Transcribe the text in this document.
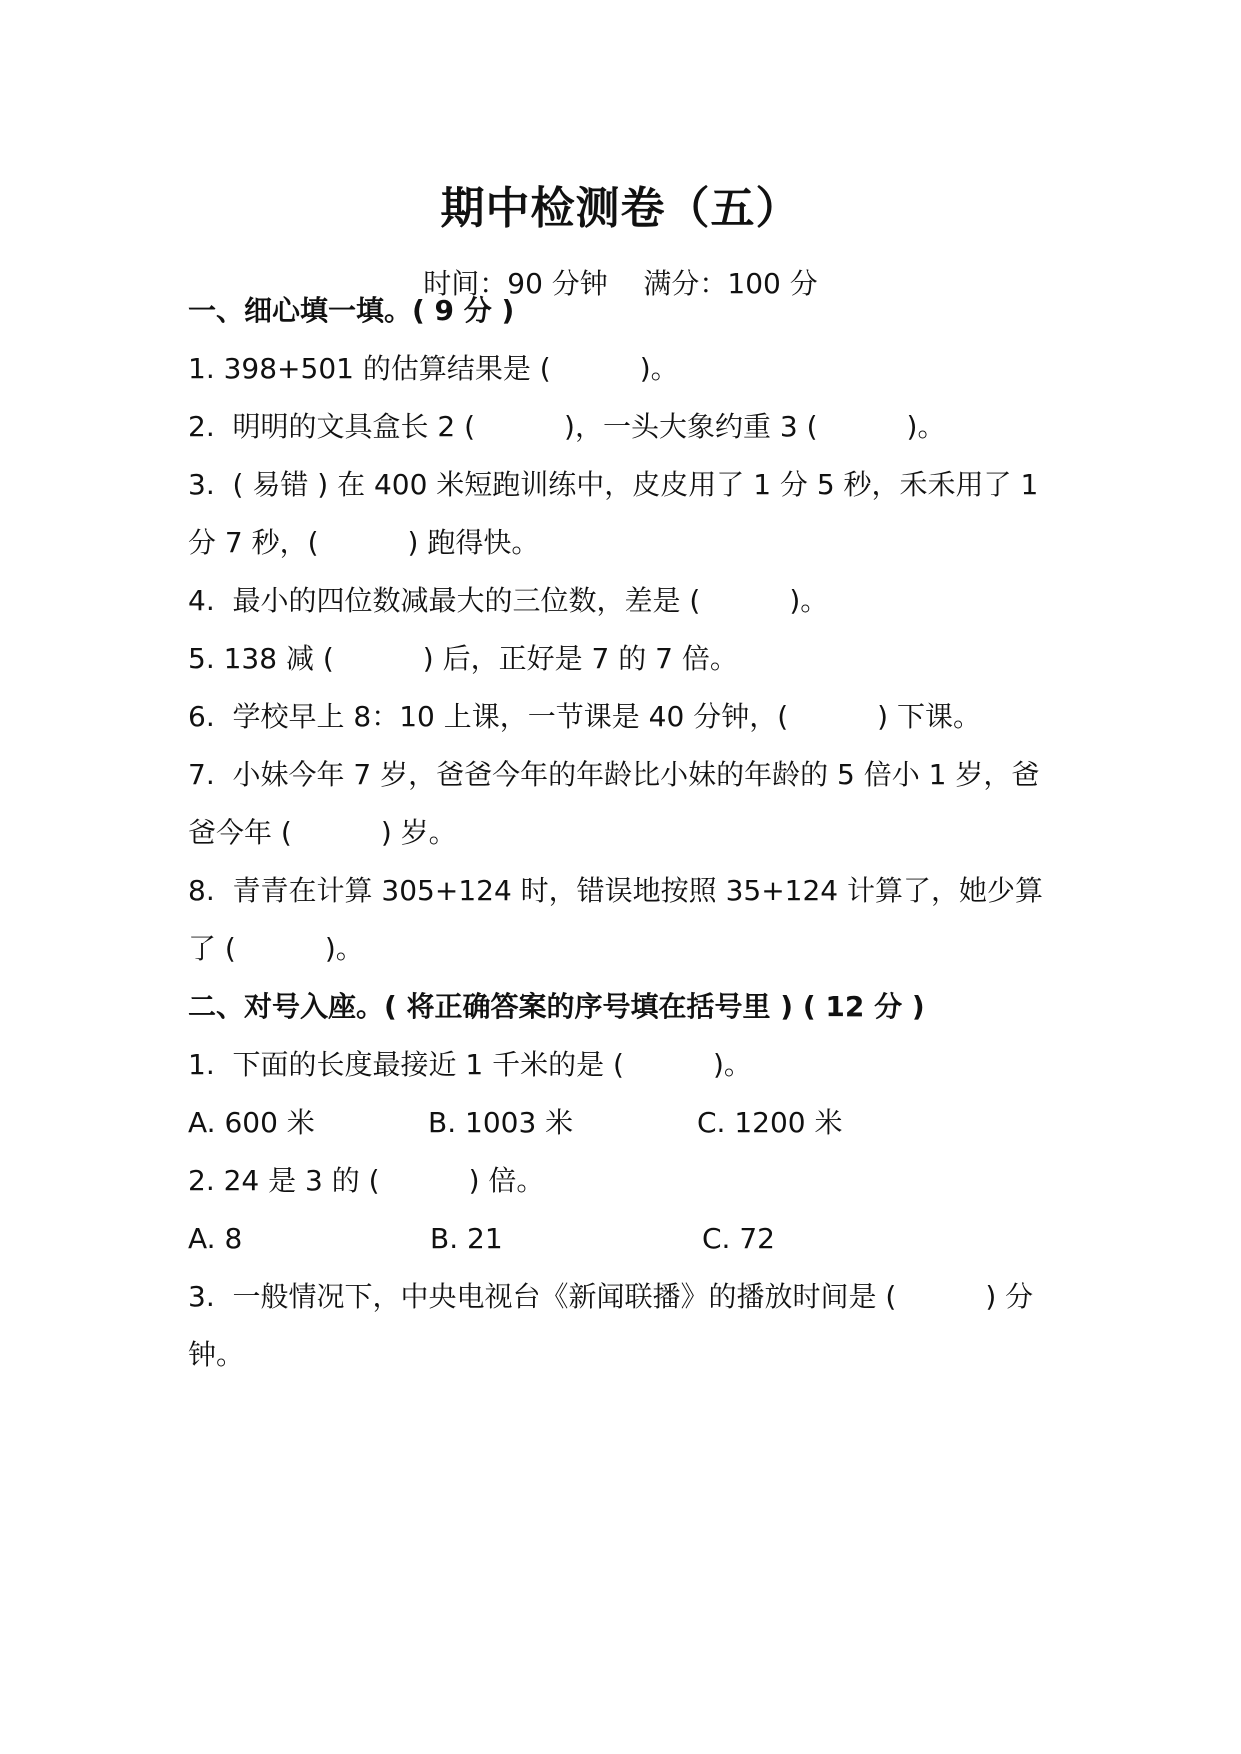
期中检测卷（五）
时间：90 分钟    满分：100 分
一、细心填一填。( 9 分 )
1. 398+501 的估算结果是 (          )。
2.  明明的文具盒长 2 (          )，一头大象约重 3 (          )。
3.  ( 易错 ) 在 400 米短跑训练中，皮皮用了 1 分 5 秒，禾禾用了 1
分 7 秒，(          ) 跑得快。
4.  最小的四位数减最大的三位数，差是 (          )。
5. 138 减 (          ) 后，正好是 7 的 7 倍。
6.  学校早上 8：10 上课，一节课是 40 分钟，(          ) 下课。
7.  小妹今年 7 岁，爸爸今年的年龄比小妹的年龄的 5 倍小 1 岁，爸
爸今年 (          ) 岁。
8.  青青在计算 305+124 时，错误地按照 35+124 计算了，她少算
了 (          )。
二、对号入座。( 将正确答案的序号填在括号里 ) ( 12 分 )
1.  下面的长度最接近 1 千米的是 (          )。
A. 600 米	B. 1003 米	C. 1200 米
2. 24 是 3 的 (          ) 倍。
A. 8	B. 21	C. 72
3.  一般情况下，中央电视台《新闻联播》的播放时间是 (          ) 分
钟。
